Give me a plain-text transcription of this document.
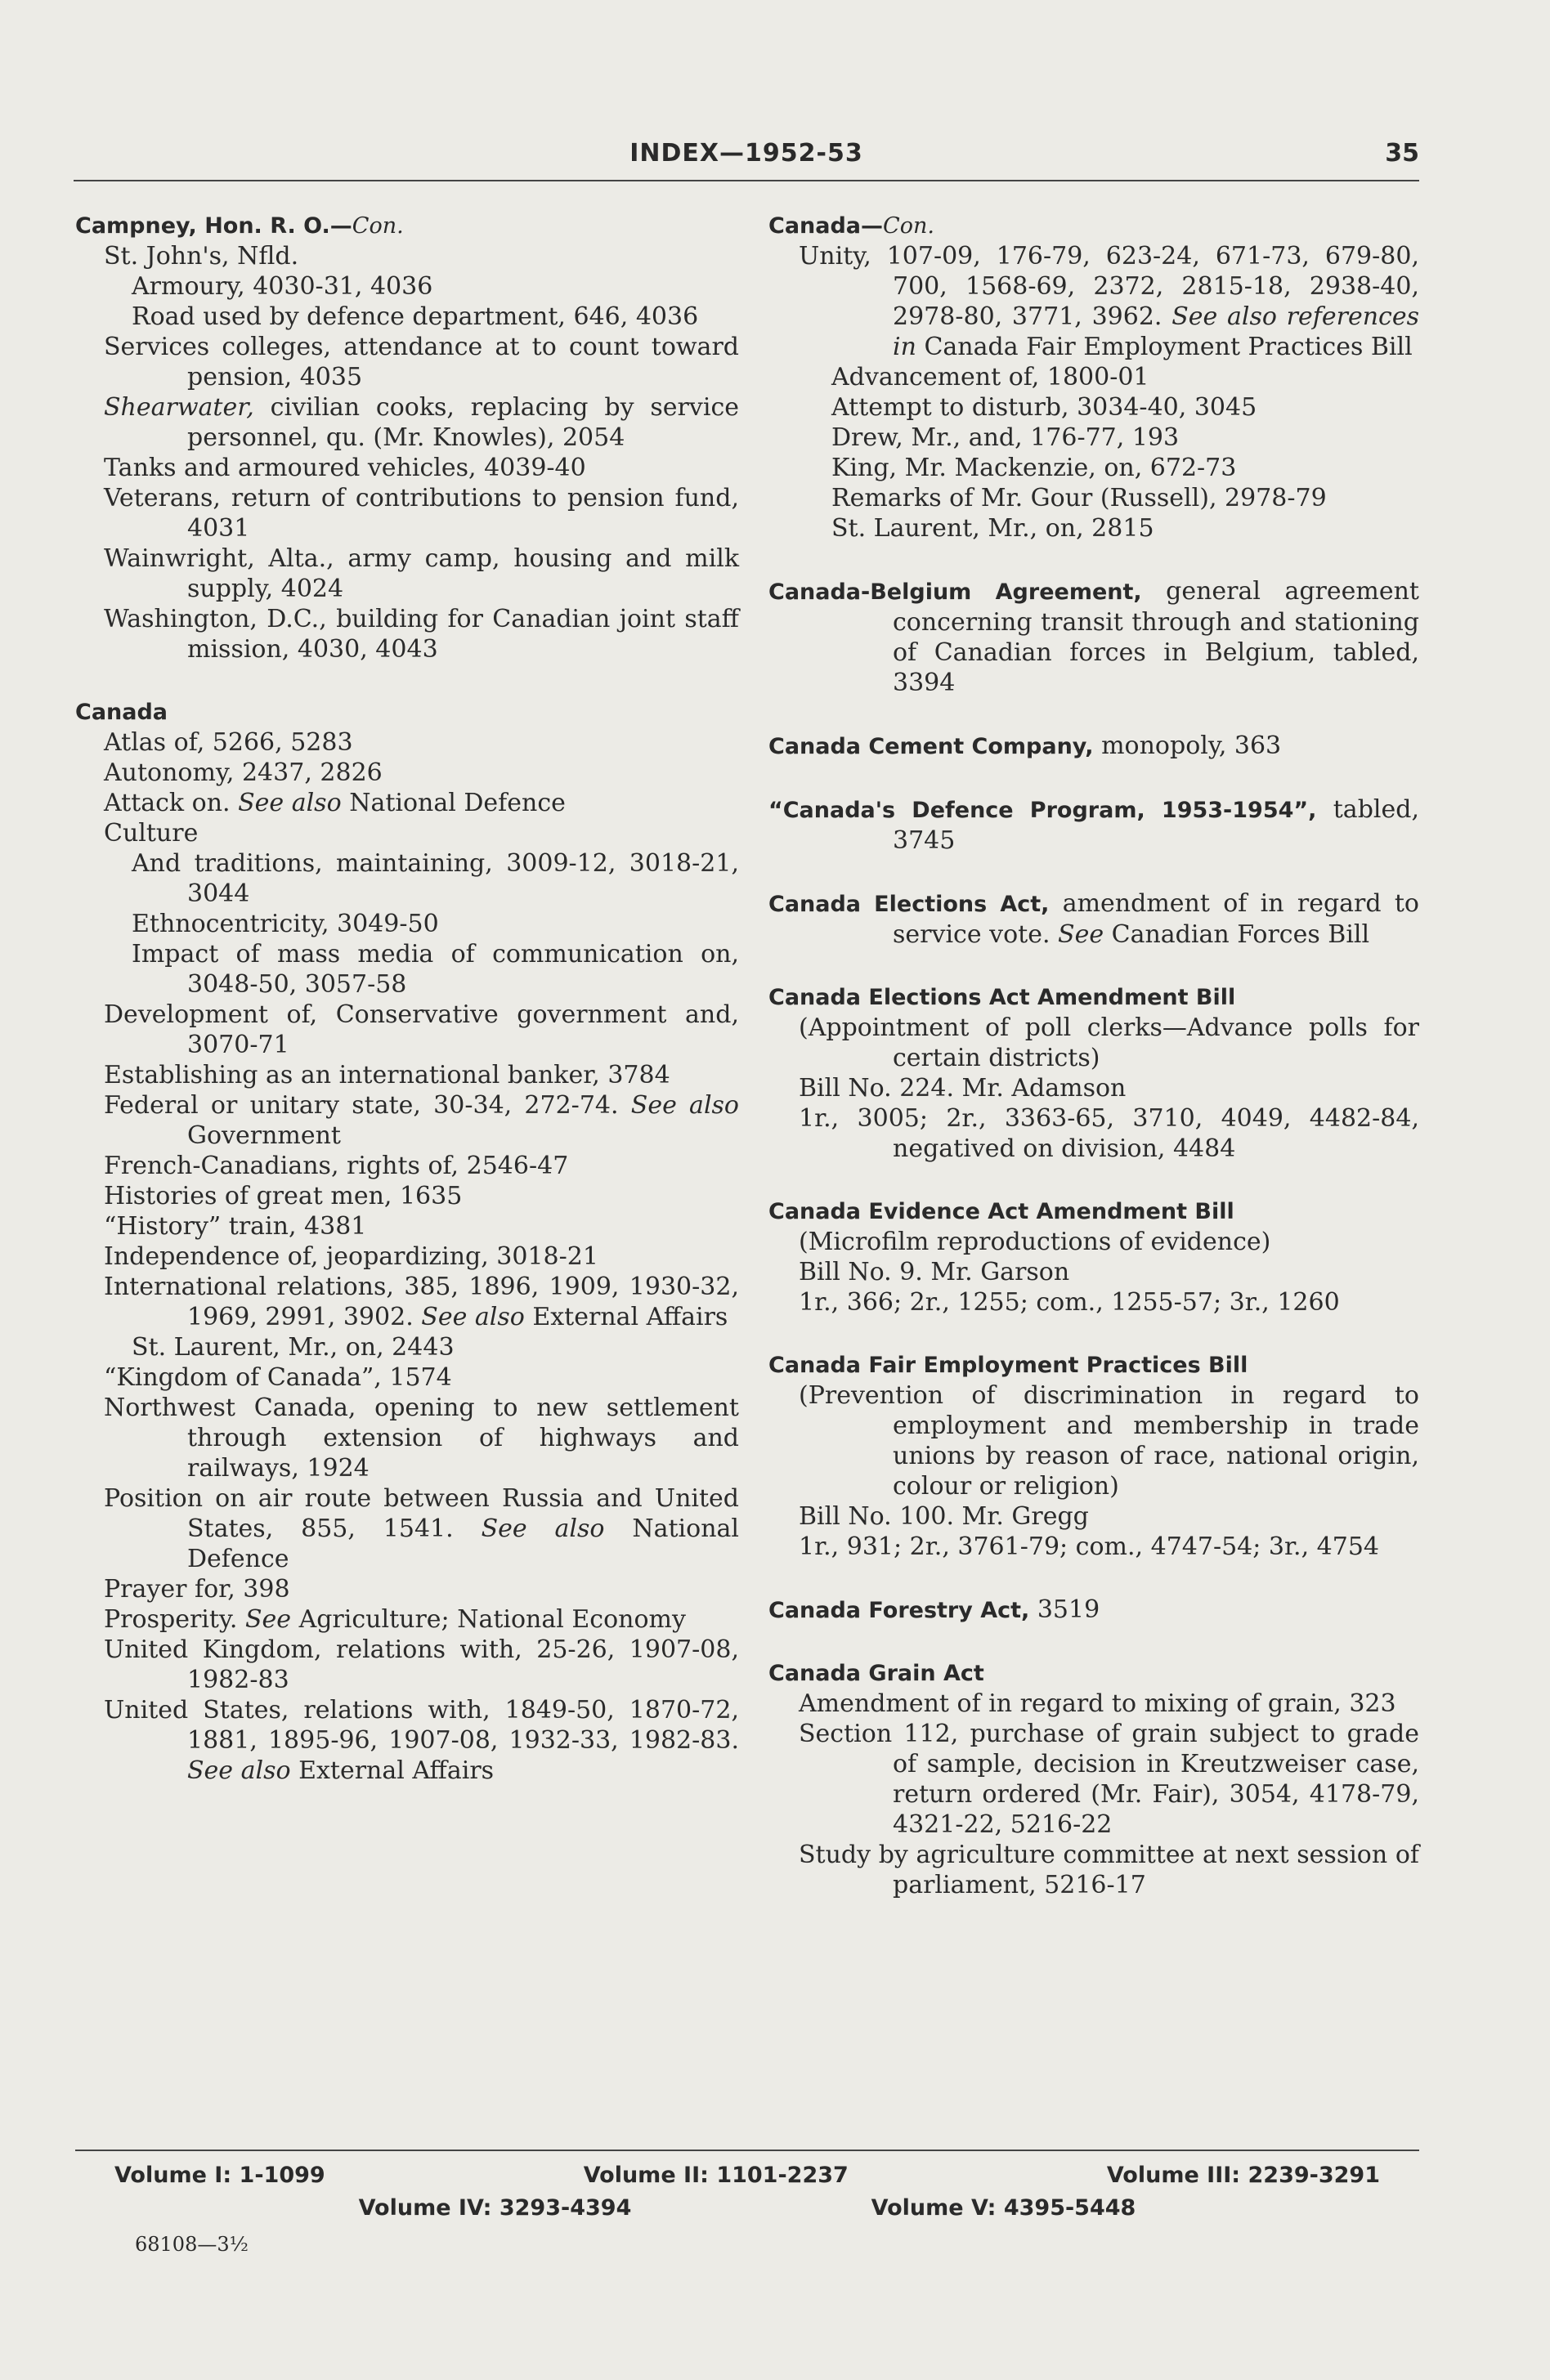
INDEX—1952-53	35
Campney, Hon. R. O.—Con.
St. John's, Nfld.
Armoury, 4030-31, 4036
Road used by defence department, 646, 4036
Services colleges, attendance at to count toward pension, 4035
Shearwater, civilian cooks, replacing by service personnel, qu. (Mr. Knowles), 2054
Tanks and armoured vehicles, 4039-40
Veterans, return of contributions to pension fund, 4031
Wainwright, Alta., army camp, housing and milk supply, 4024
Washington, D.C., building for Canadian joint staff mission, 4030, 4043
Canada
Atlas of, 5266, 5283
Autonomy, 2437, 2826
Attack on. See also National Defence
Culture
And traditions, maintaining, 3009-12, 3018-21, 3044
Ethnocentricity, 3049-50
Impact of mass media of communication on, 3048-50, 3057-58
Development of, Conservative government and, 3070-71
Establishing as an international banker, 3784
Federal or unitary state, 30-34, 272-74. See also Government
French-Canadians, rights of, 2546-47
Histories of great men, 1635
“History” train, 4381
Independence of, jeopardizing, 3018-21
International relations, 385, 1896, 1909, 1930-32, 1969, 2991, 3902. See also External Affairs
St. Laurent, Mr., on, 2443
“Kingdom of Canada”, 1574
Northwest Canada, opening to new settlement through extension of highways and railways, 1924
Position on air route between Russia and United States, 855, 1541. See also National Defence
Prayer for, 398
Prosperity. See Agriculture; National Economy
United Kingdom, relations with, 25-26, 1907-08, 1982-83
United States, relations with, 1849-50, 1870-72, 1881, 1895-96, 1907-08, 1932-33, 1982-83. See also External Affairs
Canada—Con.
Unity, 107-09, 176-79, 623-24, 671-73, 679-80, 700, 1568-69, 2372, 2815-18, 2938-40, 2978-80, 3771, 3962. See also references in Canada Fair Employment Practices Bill
Advancement of, 1800-01
Attempt to disturb, 3034-40, 3045
Drew, Mr., and, 176-77, 193
King, Mr. Mackenzie, on, 672-73
Remarks of Mr. Gour (Russell), 2978-79
St. Laurent, Mr., on, 2815
Canada-Belgium Agreement, general agreement concerning transit through and stationing of Canadian forces in Belgium, tabled, 3394
Canada Cement Company, monopoly, 363
“Canada's Defence Program, 1953-1954”, tabled, 3745
Canada Elections Act, amendment of in regard to service vote. See Canadian Forces Bill
Canada Elections Act Amendment Bill
(Appointment of poll clerks—Advance polls for certain districts)
Bill No. 224. Mr. Adamson
1r., 3005; 2r., 3363-65, 3710, 4049, 4482-84, negatived on division, 4484
Canada Evidence Act Amendment Bill
(Microfilm reproductions of evidence)
Bill No. 9. Mr. Garson
1r., 366; 2r., 1255; com., 1255-57; 3r., 1260
Canada Fair Employment Practices Bill
(Prevention of discrimination in regard to employment and membership in trade unions by reason of race, national origin, colour or religion)
Bill No. 100. Mr. Gregg
1r., 931; 2r., 3761-79; com., 4747-54; 3r., 4754
Canada Forestry Act, 3519
Canada Grain Act
Amendment of in regard to mixing of grain, 323
Section 112, purchase of grain subject to grade of sample, decision in Kreutzweiser case, return ordered (Mr. Fair), 3054, 4178-79, 4321-22, 5216-22
Study by agriculture committee at next session of parliament, 5216-17
Volume I: 1-1099	Volume II: 1101-2237	Volume III: 2239-3291
Volume IV: 3293-4394	Volume V: 4395-5448
68108—3½
